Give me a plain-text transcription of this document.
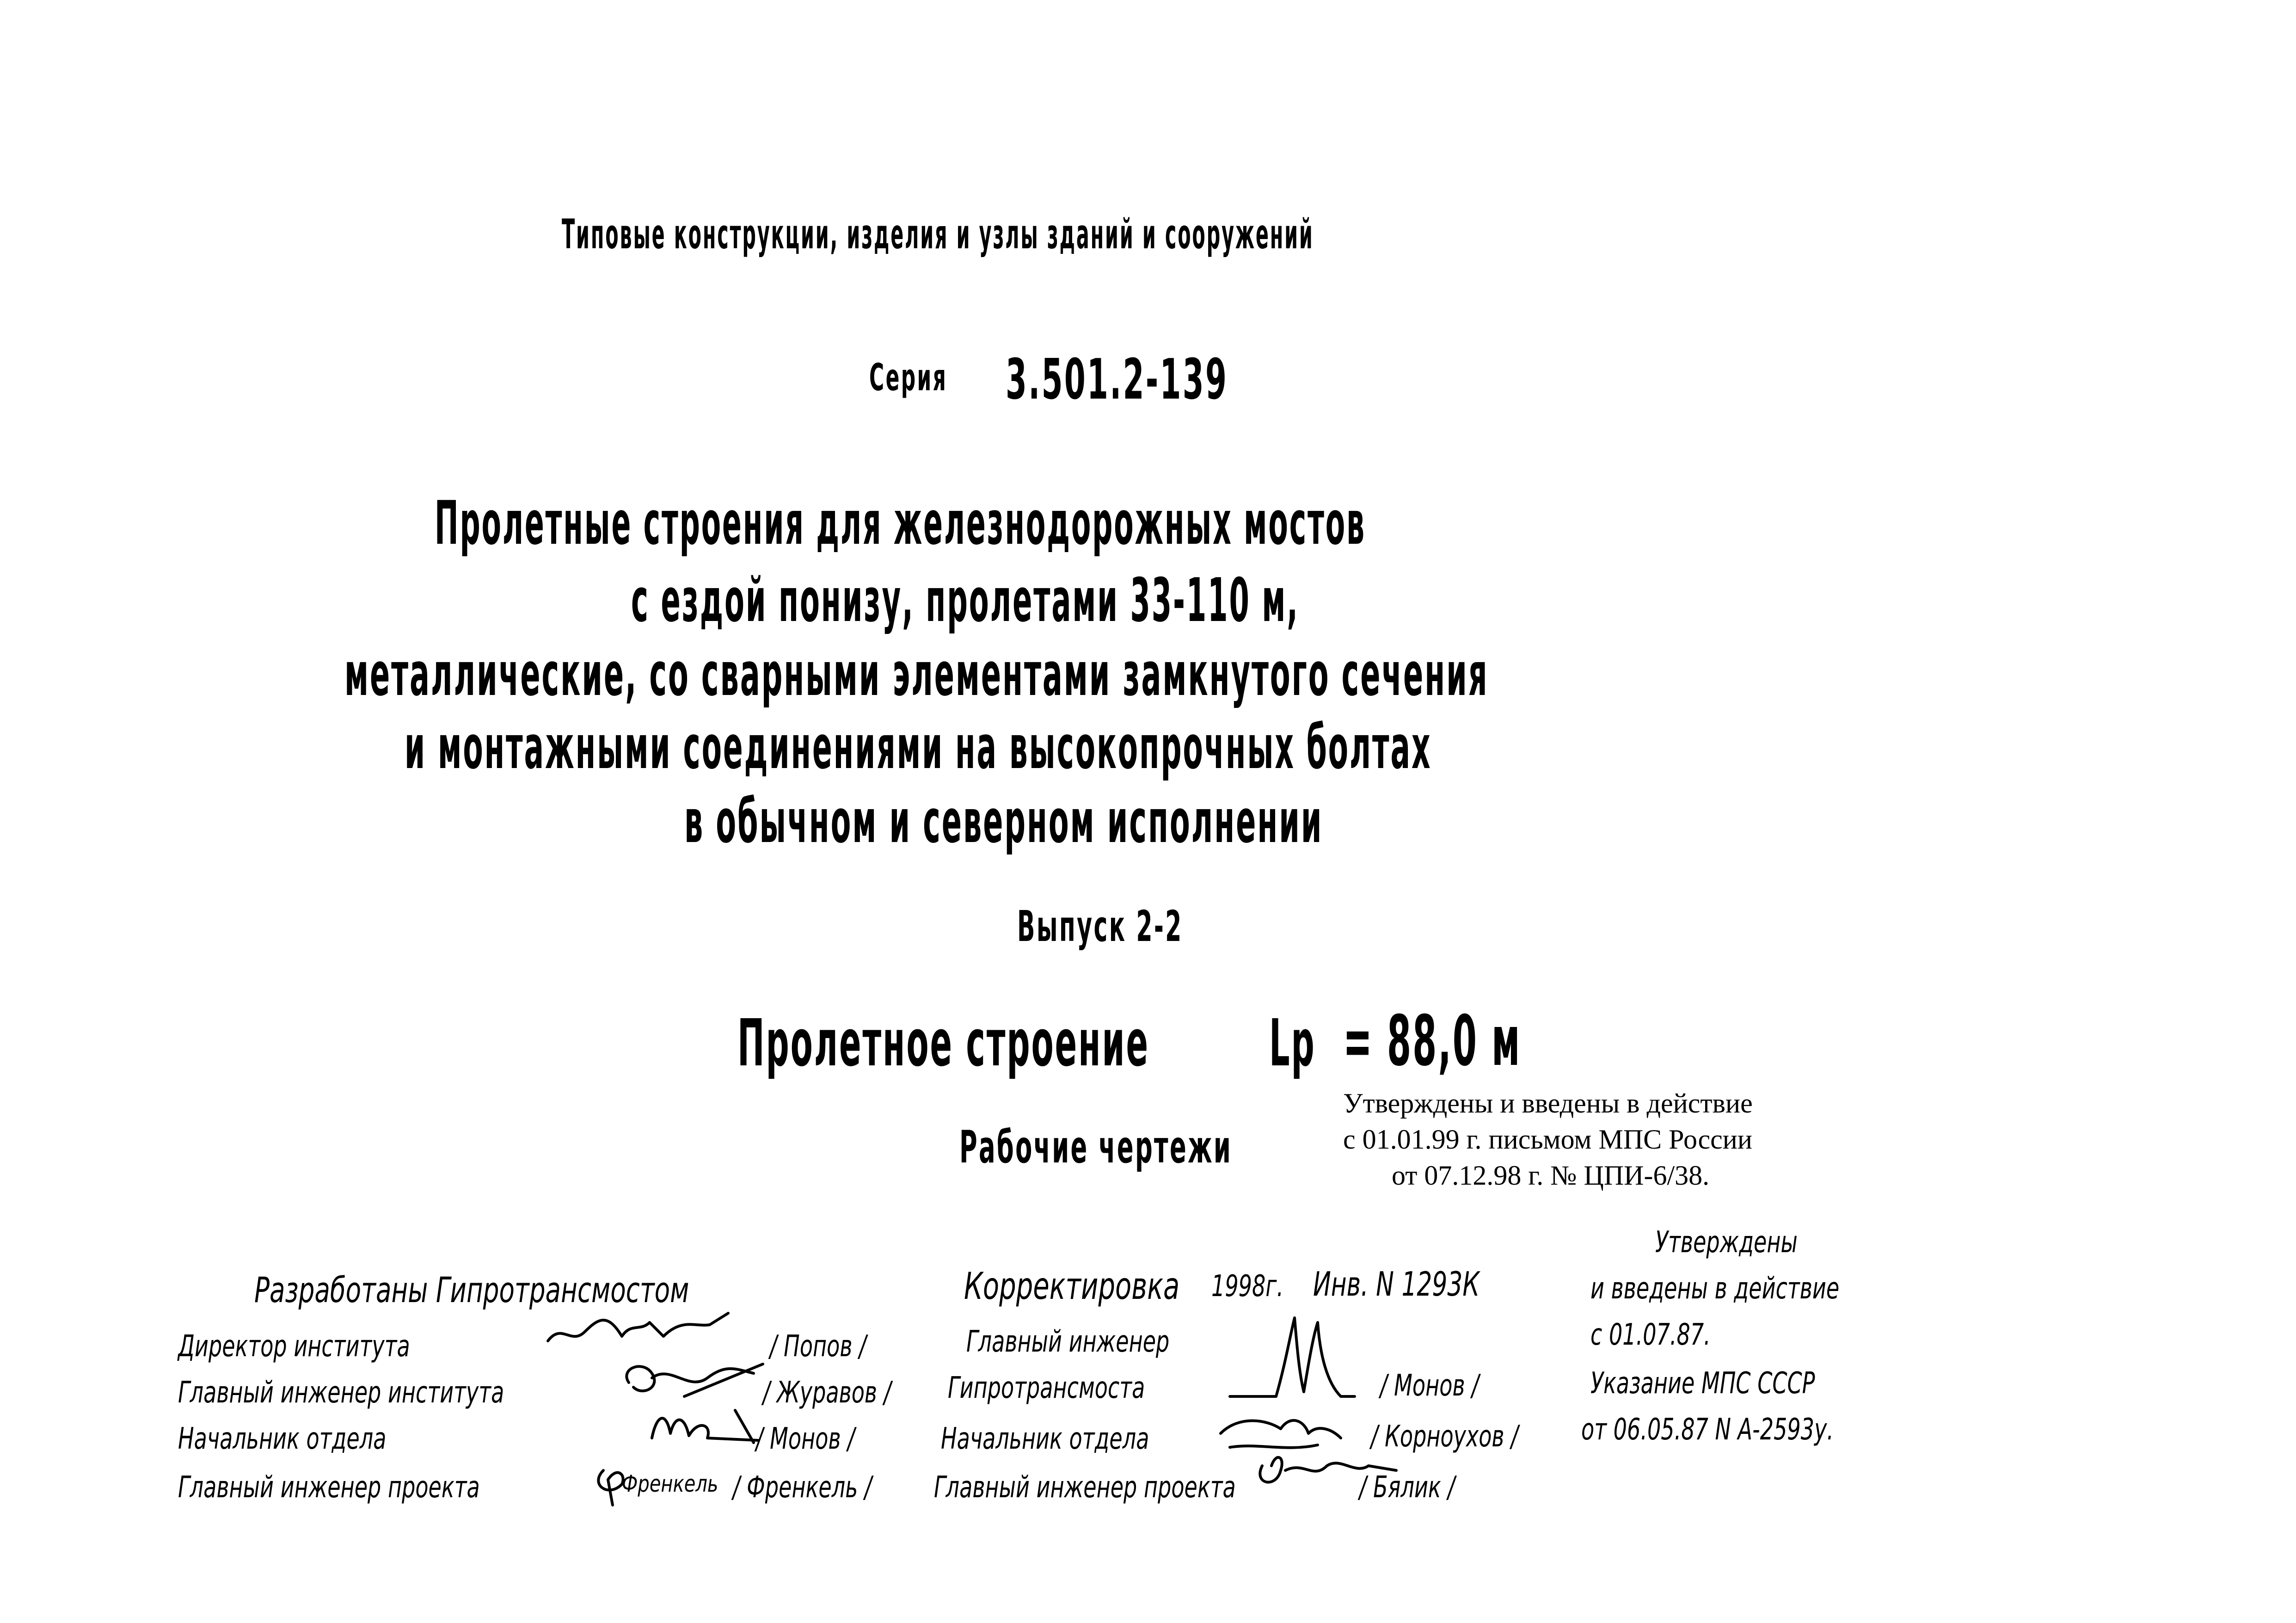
Типовые конструкции, изделия и узлы зданий и сооружений
Серия	3.501.2-139
Пролетные строения для железнодорожных мостов
с ездой понизу, пролетами 33-110 м,
металлические, со сварными элементами замкнутого сечения
и монтажными соединениями на высокопрочных болтах
в обычном и северном исполнении
Выпуск 2-2
Пролетное строение	Lр = 88,0 м
Рабочие чертежи
Утверждены и введены в действие
с 01.01.99 г. письмом МПС России
от 07.12.98 г. № ЦПИ-6/38.
Разработаны Гипротрансмостом
Директор института	/ Попов /
Главный инженер института	/ Журавов /
Начальник отдела	/ Монов /
Главный инженер проекта	/ Френкель /
Френкель
Корректировка 1998г. Инв. N 1293К
Главный инженер
Гипротрансмоста	/ Монов /
Начальник отдела	/ Корноухов /
Главный инженер проекта	/ Бялик /
Утверждены
и введены в действие
с 01.07.87.
Указание МПС СССР
от 06.05.87 N А-2593у.
